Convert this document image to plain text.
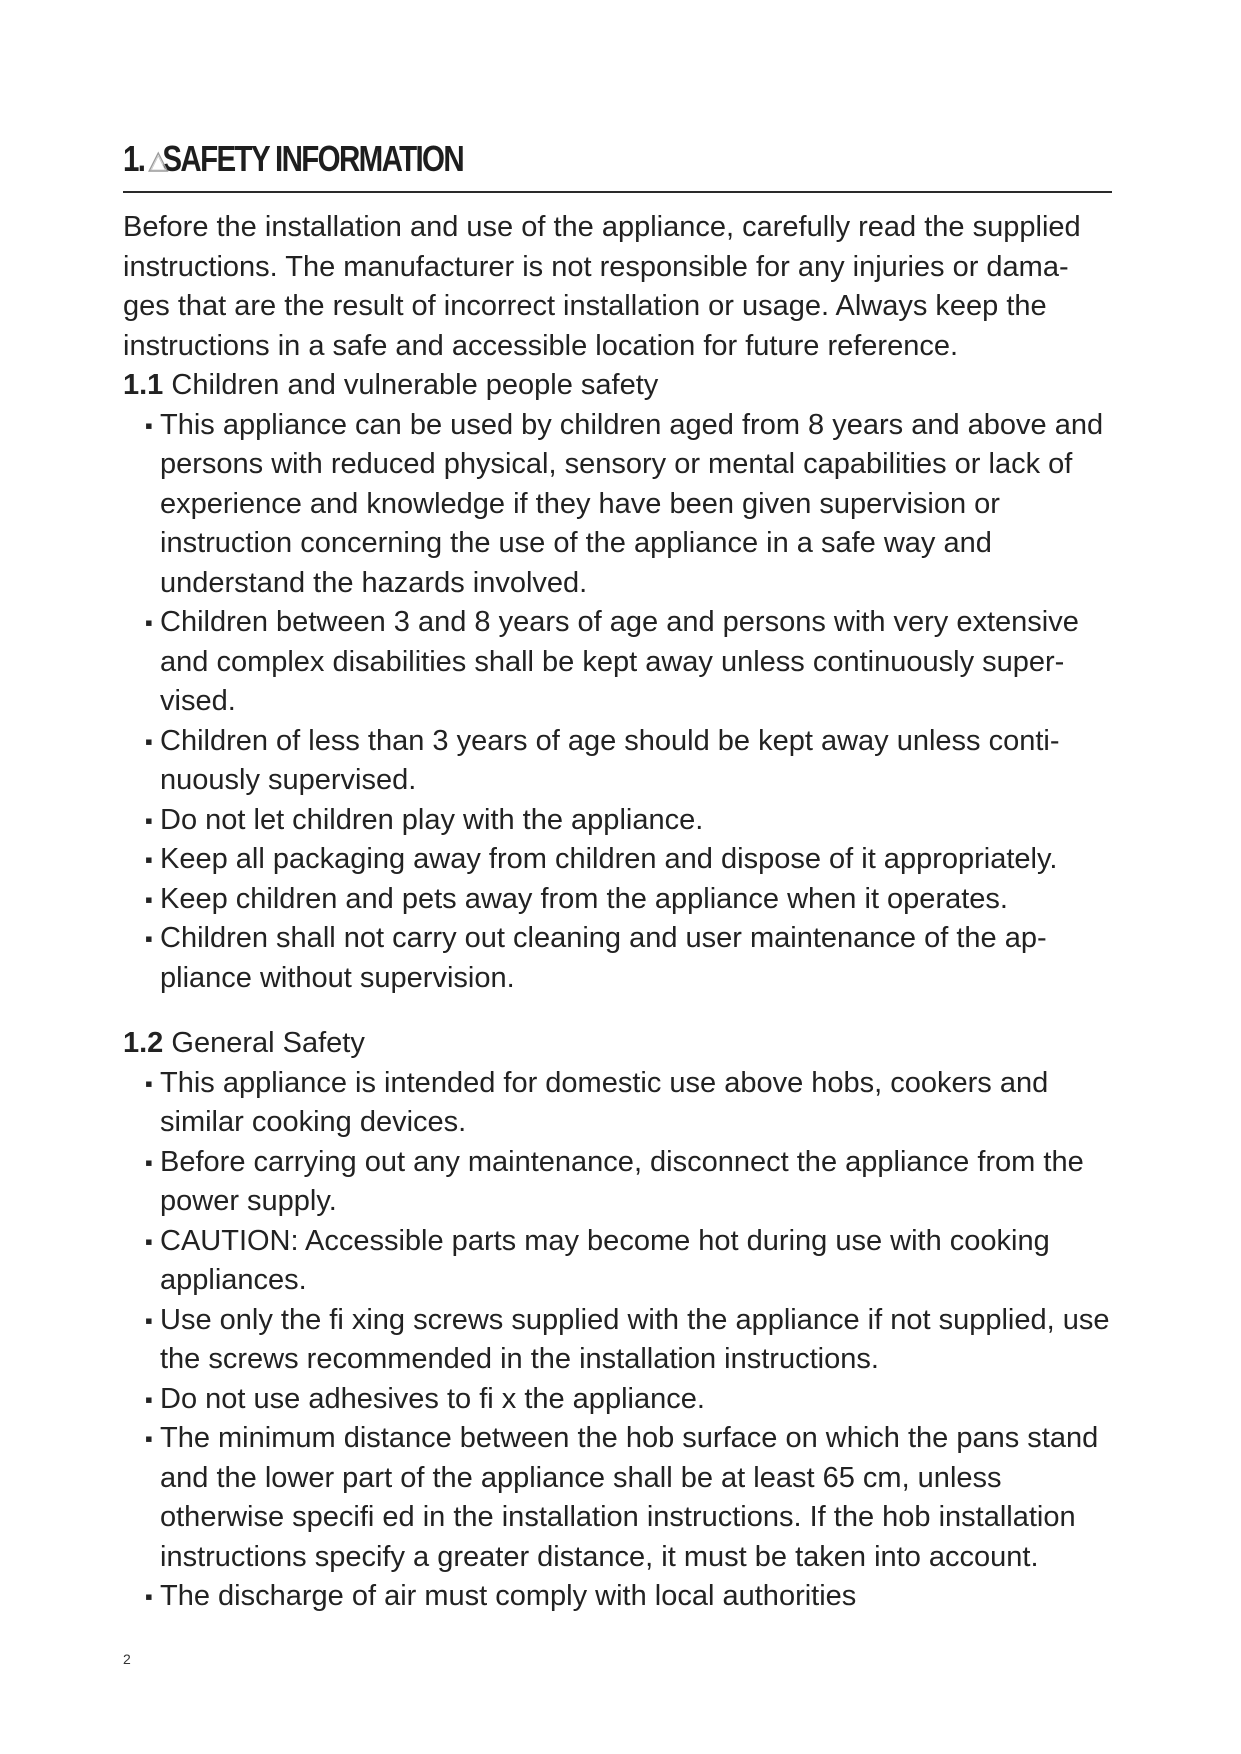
1. SAFETY INFORMATION

Before the installation and use of the appliance, carefully read the supplied instructions. The manufacturer is not responsible for any injuries or dama-ges that are the result of incorrect installation or usage. Always keep the instructions in a safe and accessible location for future reference.

1.1 Children and vulnerable people safety

▪ This appliance can be used by children aged from 8 years and above and persons with reduced physical, sensory or mental capabilities or lack of experience and knowledge if they have been given supervision or instruction concerning the use of the appliance in a safe way and understand the hazards involved.
▪ Children between 3 and 8 years of age and persons with very extensive and complex disabilities shall be kept away unless continuously super-vised.
▪ Children of less than 3 years of age should be kept away unless conti-nuously supervised.
▪ Do not let children play with the appliance.
▪ Keep all packaging away from children and dispose of it appropriately.
▪ Keep children and pets away from the appliance when it operates.
▪ Children shall not carry out cleaning and user maintenance of the ap-pliance without supervision.

1.2 General Safety

▪ This appliance is intended for domestic use above hobs, cookers and similar cooking devices.
▪ Before carrying out any maintenance, disconnect the appliance from the power supply.
▪ CAUTION: Accessible parts may become hot during use with cooking appliances.
▪ Use only the fi xing screws supplied with the appliance if not supplied, use the screws recommended in the installation instructions.
▪ Do not use adhesives to fi x the appliance.
▪ The minimum distance between the hob surface on which the pans stand and the lower part of the appliance shall be at least 65 cm, unless otherwise specifi ed in the installation instructions. If the hob installation instructions specify a greater distance, it must be taken into account.
▪ The discharge of air must comply with local authorities
2
